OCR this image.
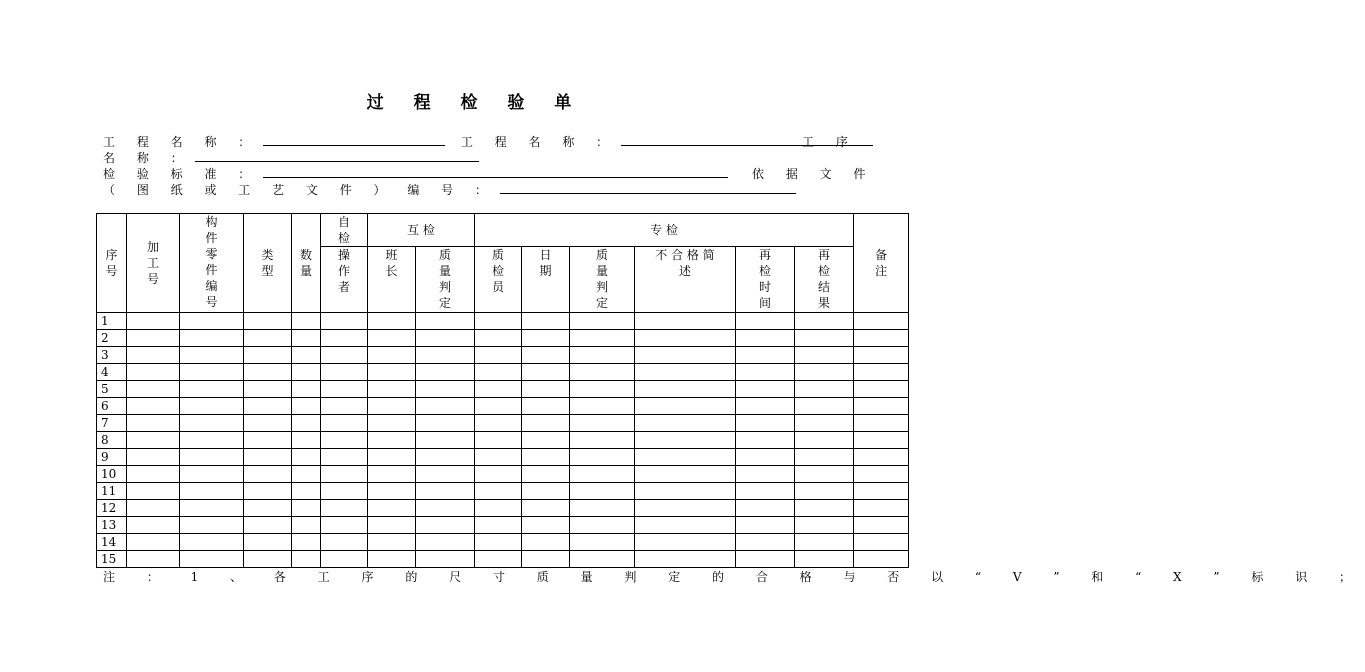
过 程 检 验 单
工 程 名 称 ：	工 程 名 称 ：	工 序
名 称 ：
检 验 标 准 ：	依 据 文 件
（ 图 纸 或 工 艺 文 件 ） 编 号 ：
序号	加工号	构件零件编号	类型	数量	自检	互 检		专 检						备注
					操作者	班长	质量判定	质检员	日期	质量判定	不 合 格 简 述	再检时间	再检结果	
1														
2														
3														
4														
5														
6														
7														
8														
9														
10														
11														
12														
13														
14														
15														
注 ： 1 、 各 工 序 的 尺 寸 质 量 判 定 的 合 格 与 否 以 “ V ” 和 “ X ” 标 识 ；
